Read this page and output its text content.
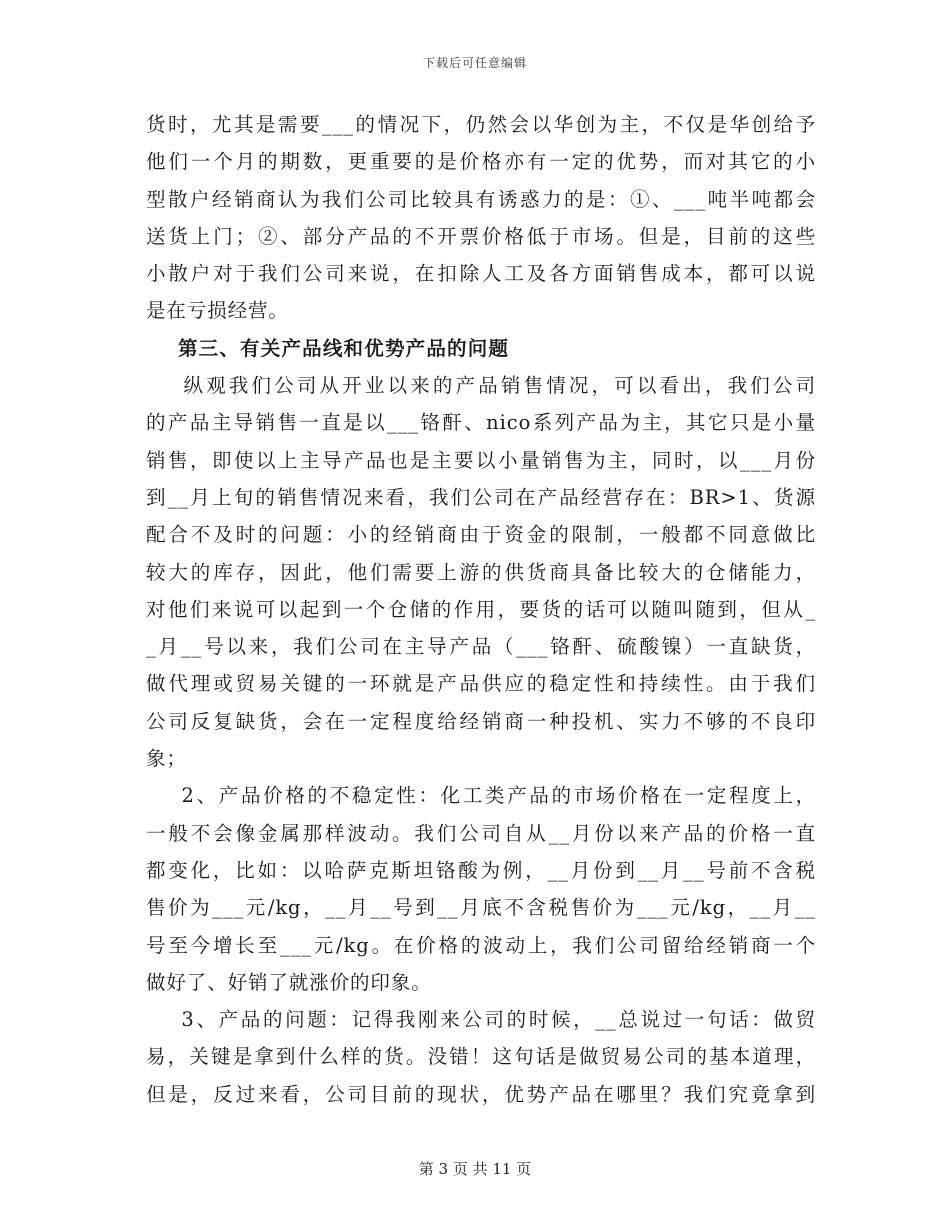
下载后可任意编辑
货时，尤其是需要___的情况下，仍然会以华创为主，不仅是华创给予
他们一个月的期数，更重要的是价格亦有一定的优势，而对其它的小
型散户经销商认为我们公司比较具有诱惑力的是：①、___吨半吨都会
送货上门；②、部分产品的不开票价格低于市场。但是，目前的这些
小散户对于我们公司来说，在扣除人工及各方面销售成本，都可以说
是在亏损经营。
第三、有关产品线和优势产品的问题
纵观我们公司从开业以来的产品销售情况，可以看出，我们公司
的产品主导销售一直是以___铬酐、nico系列产品为主，其它只是小量
销售，即使以上主导产品也是主要以小量销售为主，同时，以___月份
到__月上旬的销售情况来看，我们公司在产品经营存在：BR>1、货源
配合不及时的问题：小的经销商由于资金的限制，一般都不同意做比
较大的库存，因此，他们需要上游的供货商具备比较大的仓储能力，
对他们来说可以起到一个仓储的作用，要货的话可以随叫随到，但从_
_月__号以来，我们公司在主导产品（___铬酐、硫酸镍）一直缺货，
做代理或贸易关键的一环就是产品供应的稳定性和持续性。由于我们
公司反复缺货，会在一定程度给经销商一种投机、实力不够的不良印
象；
2、产品价格的不稳定性：化工类产品的市场价格在一定程度上，
一般不会像金属那样波动。我们公司自从__月份以来产品的价格一直
都变化，比如：以哈萨克斯坦铬酸为例，__月份到__月__号前不含税
售价为___元/kg，__月__号到__月底不含税售价为___元/kg，__月__
号至今增长至___元/kg。在价格的波动上，我们公司留给经销商一个
做好了、好销了就涨价的印象。
3、产品的问题：记得我刚来公司的时候，__总说过一句话：做贸
易，关键是拿到什么样的货。没错！这句话是做贸易公司的基本道理，
但是，反过来看，公司目前的现状，优势产品在哪里？我们究竟拿到
第 3 页 共 11 页
